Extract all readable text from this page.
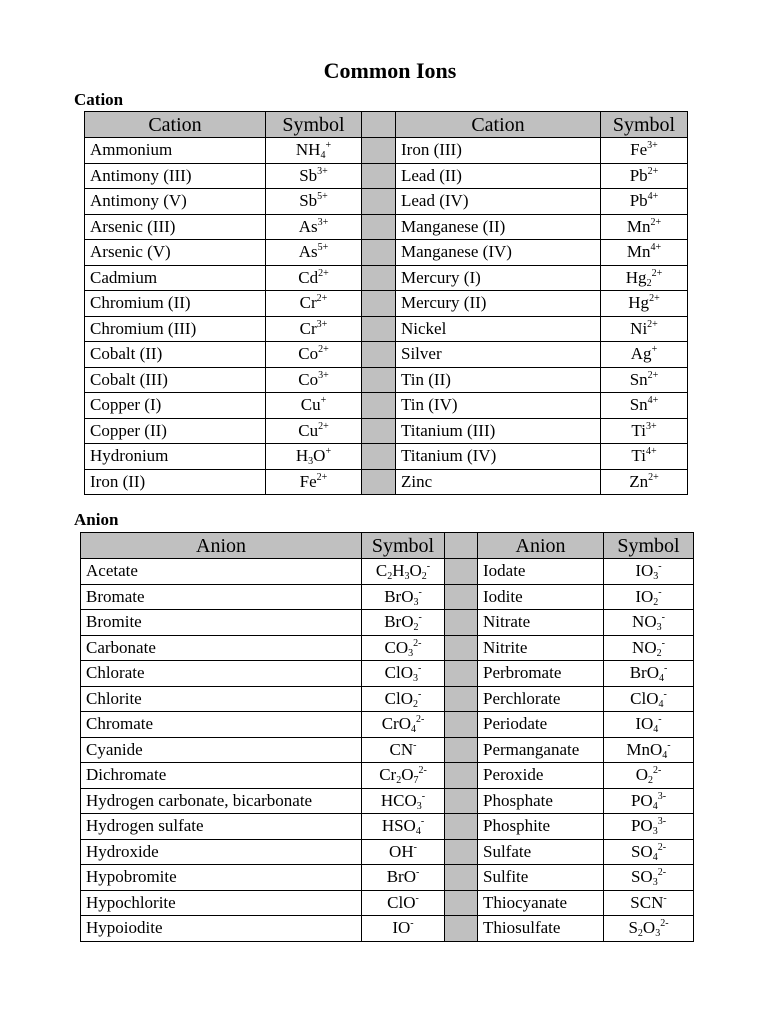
Common Ions
Cation
Cation	Symbol		Cation	Symbol
Ammonium	$NH_4^+$		Iron (III)	$Fe^{3+}$
Antimony (III)	$Sb^{3+}$		Lead (II)	$Pb^{2+}$
Antimony (V)	$Sb^{5+}$		Lead (IV)	$Pb^{4+}$
Arsenic (III)	$As^{3+}$		Manganese (II)	$Mn^{2+}$
Arsenic (V)	$As^{5+}$		Manganese (IV)	$Mn^{4+}$
Cadmium	$Cd^{2+}$		Mercury (I)	$Hg_2^{2+}$
Chromium (II)	$Cr^{2+}$		Mercury (II)	$Hg^{2+}$
Chromium (III)	$Cr^{3+}$		Nickel	$Ni^{2+}$
Cobalt (II)	$Co^{2+}$		Silver	Ag+
Cobalt (III)	$Co^{3+}$		Tin (II)	$Sn^{2+}$
Copper (I)	Cu+		Tin (IV)	$Sn^{4+}$
Copper (II)	$Cu^{2+}$		Titanium (III)	$Ti^{3+}$
Hydronium	$H_3O^+$		Titanium (IV)	$Ti^{4+}$
Iron (II)	$Fe^{2+}$		Zinc	$Zn^{2+}$
Anion
Anion	Symbol		Anion	Symbol
Acetate	$C_2H_3O_2^-$		Iodate	$IO_3^-$
Bromate	BrO$_3$-		Iodite	$IO_2^-$
Bromite	BrO$_2$-		Nitrate	$NO_3^-$
Carbonate	$CO_3^{2-}$		Nitrite	$NO_2^-$
Chlorate	ClO$_3$-		Perbromate	BrO$_4$-
Chlorite	ClO$_2$-		Perchlorate	ClO$_4$-
Chromate	CrO$_4^{2-}$		Periodate	$IO_4^-$
Cyanide	CN-		Permanganate	MnO$_4$-
Dichromate	$Cr_2O_7^{2-}$		Peroxide	$O_2^{2-}$
Hydrogen carbonate, bicarbonate	$HCO_3^-$		Phosphate	$PO_4^{3-}$
Hydrogen sulfate	$HSO_4^-$		Phosphite	$PO_3^{3-}$
Hydroxide	OH-		Sulfate	$SO_4^{2-}$
Hypobromite	BrO-		Sulfite	$SO_3^{2-}$
Hypochlorite	ClO-		Thiocyanate	SCN-
Hypoiodite	IO-		Thiosulfate	$S_2O_3^{2-}$
